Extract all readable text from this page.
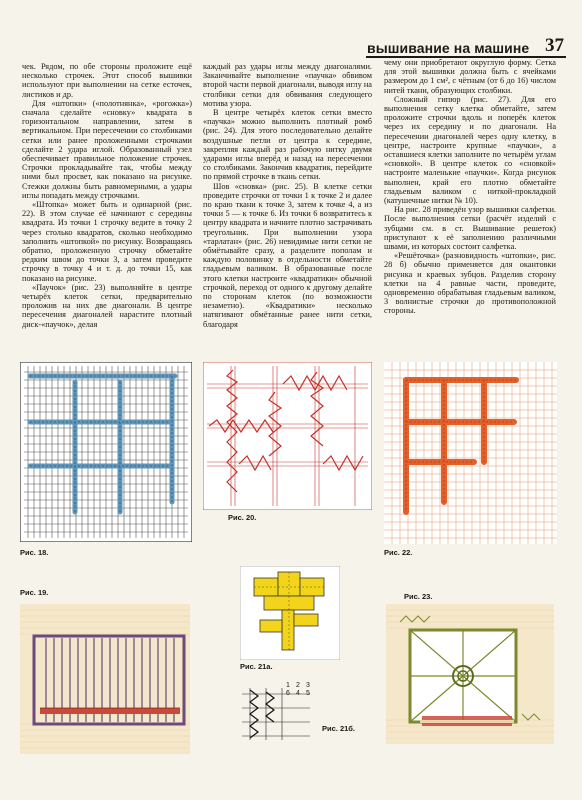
вышивание на машине 37

чек. Рядом, по обе стороны проложите ещё несколько строчек. Этот способ вышивки используют при выполнении на сетке есточек, листиков и др.

Для «штопки» («полотнянка», «рогожка») сначала сделайте «сновку» квадрата в горизонтальном направлении, затем в вертикальном. При пересечении со столбиками сетки или ранее проложенными строчками сделайте 2 удара иглой. Образованный узел обеспечивает правильное положение строчек. Строчки прокладывайте так, чтобы между ними был просвет, как показано на рисунке. Стежки должны быть равномерными, а удары иглы попадать между строчками.

«Штопка» может быть и одинарной (рис. 22). В этом случае её начинают с середины квадрата. Из точки 1 строчку ведите в точку 2 через столько квадратов, сколько необходимо заполнить «штопкой» по рисунку. Возвращаясь обратно, проложенную строчку обметайте редким швом до точки 3, а затем проведите строчку в точку 4 и т. д. до точки 15, как показано на рисунке.

«Паучок» (рис. 23) выполняйте в центре четырёх клеток сетки, предварительно проложив на них две диагонали. В центре пересечения диагоналей нарастите плотный диск-«паучок», делая

каждый раз удары иглы между диагоналями. Заканчивайте выполнение «паучка» обвивом второй части первой диагонали, выводя иглу на столбики сетки для обвивания следующего мотива узора.

В центре четырёх клеток сетки вместо «паучка» можно выполнить плотный ромб (рис. 24). Для этого последовательно делайте воздушные петли от центра к середине, закрепляя каждый раз рабочую нитку двумя ударами иглы вперёд и назад на пересечении со столбиками. Закончив квадратик, перейдите по прямой строчке в ткань сетки.

Шов «сновка» (рис. 25). В клетке сетки проведите строчки от точки 1 к точке 2 и далее по краю ткани к точке 3, затем к точке 4, а из точки 5 — к точке 6. Из точки 6 возвратитесь к центру квадрата и начните плотно застрачивать треугольник. При выполнении узора «тарлатан» (рис. 26) невидимые нити сетки не обмётывайте сразу, а разделите пополам и каждую половинку в отдельности обметайте гладьевым валиком. В образованные после этого клетки настроите «квадратики» обычной строчкой, переход от одного к другому делайте по сторонам клеток (по возможности незаметно). «Квадратики» несколько натягивают обмётанные ранее нити сетки, благодаря

чему они приобретают округлую форму. Сетка для этой вышивки должна быть с ячейками размером до 1 см², с чётным (от 6 до 16) числом нитей ткани, образующих столбики.

Сложный гипюр (рис. 27). Для его выполнения сетку клетка обметайте, затем проложите строчки вдоль и поперёк клеток через их середину и по диагонали. На пересечении диагоналей через одну клетку, в центре, настроите крупные «паучки», а оставшиеся клетки заполните по четырём углам «сновкой». В центре клеток со «сновкой» настроите маленькие «паучки». Когда рисунок выполнен, край его плотно обметайте гладьевым валиком с ниткой-прокладкой (катушечные нитки № 10).

На рис. 28 приведён узор вышивки салфетки. После выполнения сетки (расчёт изделий с зубцами см. в ст. Вышивание решеток) приступают к её заполнению различными швами, из которых состоит салфетка.

«Решёточка» (разновидность «штопки», рис. 28 б) обычно применяется для окантовки рисунка и краевых зубцов. Разделив сторону клетки на 4 равные части, проведите, одновременно обрабатывая гладьевым валиком, 3 волнистые строчки до противоположной стороны.

Рис. 18.
Рис. 20.
Рис. 22.
Рис. 19.
Рис. 21а.
1 2 3
4 5
6
Рис. 21б.
Рис. 23.
